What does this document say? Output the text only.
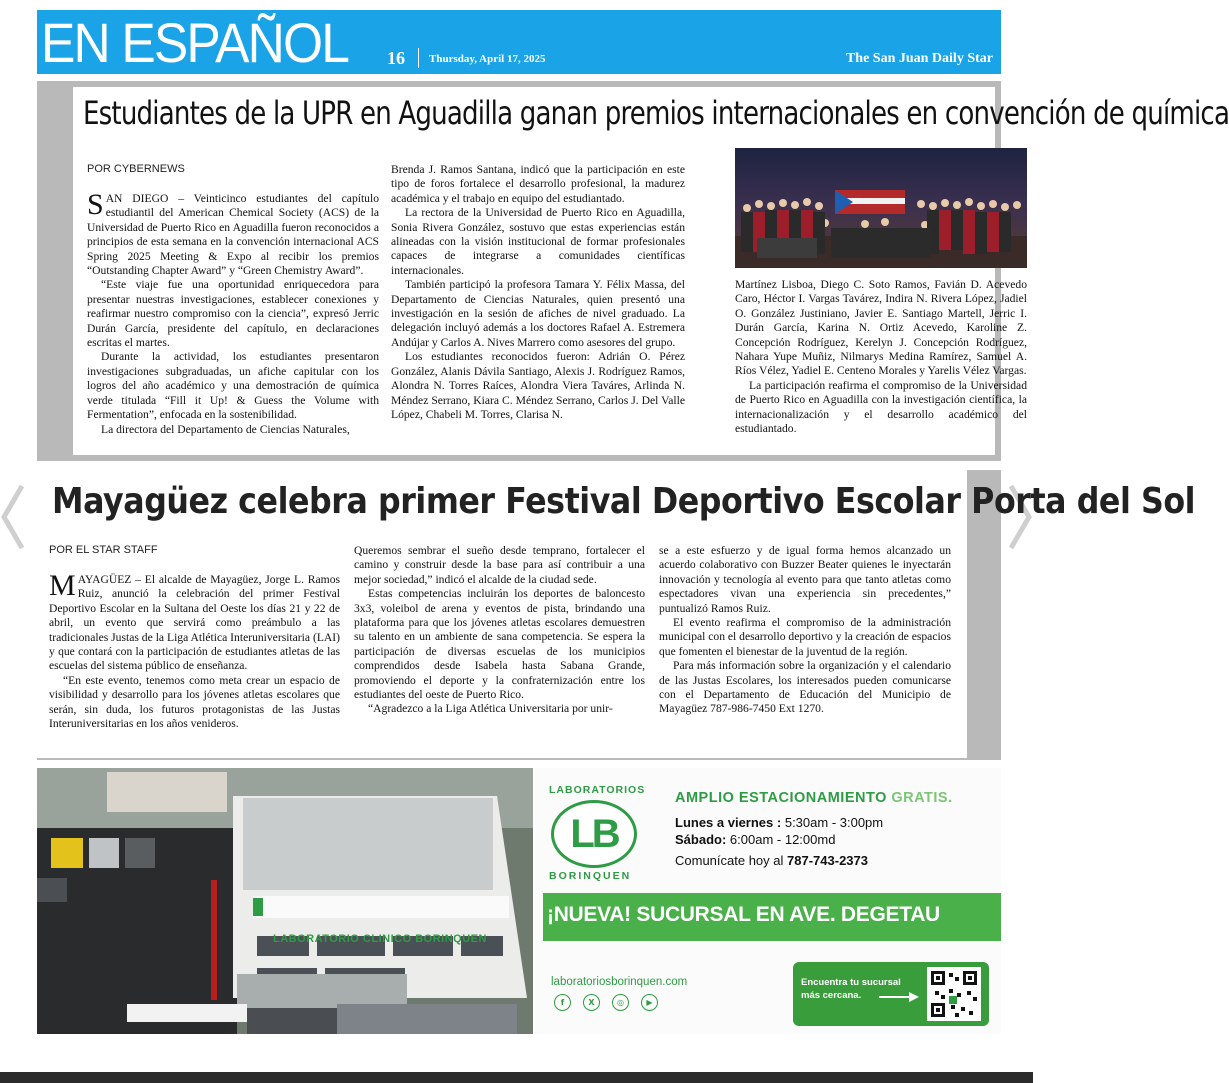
EN ESPAÑOL 16 Thursday, April 17, 2025	The San Juan Daily Star
Estudiantes de la UPR en Aguadilla ganan premios internacionales en convención de química
POR CYBERNEWS

SAN DIEGO – Veinticinco estudiantes del capítulo estudiantil del American Chemical Society (ACS) de la Universidad de Puerto Rico en Aguadilla fueron reconocidos a principios de esta semana en la convención internacional ACS Spring 2025 Meeting & Expo al recibir los premios “Outstanding Chapter Award” y “Green Chemistry Award”.

“Este viaje fue una oportunidad enriquecedora para presentar nuestras investigaciones, establecer conexiones y reafirmar nuestro compromiso con la ciencia”, expresó Jerric Durán García, presidente del capítulo, en declaraciones escritas el martes.

Durante la actividad, los estudiantes presentaron investigaciones subgraduadas, un afiche capitular con los logros del año académico y una demostración de química verde titulada “Fill it Up! & Guess the Volume with Fermentation”, enfocada en la sostenibilidad.

La directora del Departamento de Ciencias Naturales,

Brenda J. Ramos Santana, indicó que la participación en este tipo de foros fortalece el desarrollo profesional, la madurez académica y el trabajo en equipo del estudiantado.

La rectora de la Universidad de Puerto Rico en Aguadilla, Sonia Rivera González, sostuvo que estas experiencias están alineadas con la visión institucional de formar profesionales capaces de integrarse a comunidades científicas internacionales.

También participó la profesora Tamara Y. Félix Massa, del Departamento de Ciencias Naturales, quien presentó una investigación en la sesión de afiches de nivel graduado. La delegación incluyó además a los doctores Rafael A. Estremera Andújar y Carlos A. Nives Marrero como asesores del grupo.

Los estudiantes reconocidos fueron: Adrián O. Pérez González, Alanis Dávila Santiago, Alexis J. Rodríguez Ramos, Alondra N. Torres Raíces, Alondra Viera Taváres, Arlinda N. Méndez Serrano, Kiara C. Méndez Serrano, Carlos J. Del Valle López, Chabeli M. Torres, Clarisa N.

Martínez Lisboa, Diego C. Soto Ramos, Favián D. Acevedo Caro, Héctor I. Vargas Tavárez, Indira N. Rivera López, Jadiel O. González Justiniano, Javier E. Santiago Martell, Jerric I. Durán García, Karina N. Ortiz Acevedo, Karoline Z. Concepción Rodríguez, Kerelyn J. Concepción Rodríguez, Nahara Yupe Muñiz, Nilmarys Medina Ramírez, Samuel A. Ríos Vélez, Yadiel E. Centeno Morales y Yarelis Vélez Vargas.

La participación reafirma el compromiso de la Universidad de Puerto Rico en Aguadilla con la investigación científica, la internacionalización y el desarrollo académico del estudiantado.

Mayagüez celebra primer Festival Deportivo Escolar Porta del Sol
POR EL STAR STAFF

MAYAGÜEZ – El alcalde de Mayagüez, Jorge L. Ramos Ruiz, anunció la celebración del primer Festival Deportivo Escolar en la Sultana del Oeste los días 21 y 22 de abril, un evento que servirá como preámbulo a las tradicionales Justas de la Liga Atlética Interuniversitaria (LAI) y que contará con la participación de estudiantes atletas de las escuelas del sistema público de enseñanza.

“En este evento, tenemos como meta crear un espacio de visibilidad y desarrollo para los jóvenes atletas escolares que serán, sin duda, los futuros protagonistas de las Justas Interuniversitarias en los años venideros.

Queremos sembrar el sueño desde temprano, fortalecer el camino y construir desde la base para así contribuir a una mejor sociedad,” indicó el alcalde de la ciudad sede.

Estas competencias incluirán los deportes de baloncesto 3x3, voleibol de arena y eventos de pista, brindando una plataforma para que los jóvenes atletas escolares demuestren su talento en un ambiente de sana competencia. Se espera la participación de diversas escuelas de los municipios comprendidos desde Isabela hasta Sabana Grande, promoviendo el deporte y la confraternización entre los estudiantes del oeste de Puerto Rico.

“Agradezco a la Liga Atlética Universitaria por unir-

se a este esfuerzo y de igual forma hemos alcanzado un acuerdo colaborativo con Buzzer Beater quienes le inyectarán innovación y tecnología al evento para que tanto atletas como espectadores vivan una experiencia sin precedentes,” puntualizó Ramos Ruiz.

El evento reafirma el compromiso de la administración municipal con el desarrollo deportivo y la creación de espacios que fomenten el bienestar de la juventud de la región.

Para más información sobre la organización y el calendario de las Justas Escolares, los interesados pueden comunicarse con el Departamento de Educación del Municipio de Mayagüez 787-986-7450 Ext 1270.

LABORATORIO CLINICO BORINQUEN
LABORATORIOS
LB
BORINQUEN
AMPLIO ESTACIONAMIENTO GRATIS.
Lunes a viernes : 5:30am - 3:00pm
Sábado: 6:00am - 12:00md
Comunícate hoy al 787-743-2373
¡NUEVA! SUCURSAL EN AVE. DEGETAU
laboratoriosborinquen.com
f	X	◎	▶
Encuentra tu sucursal
más cercana.
